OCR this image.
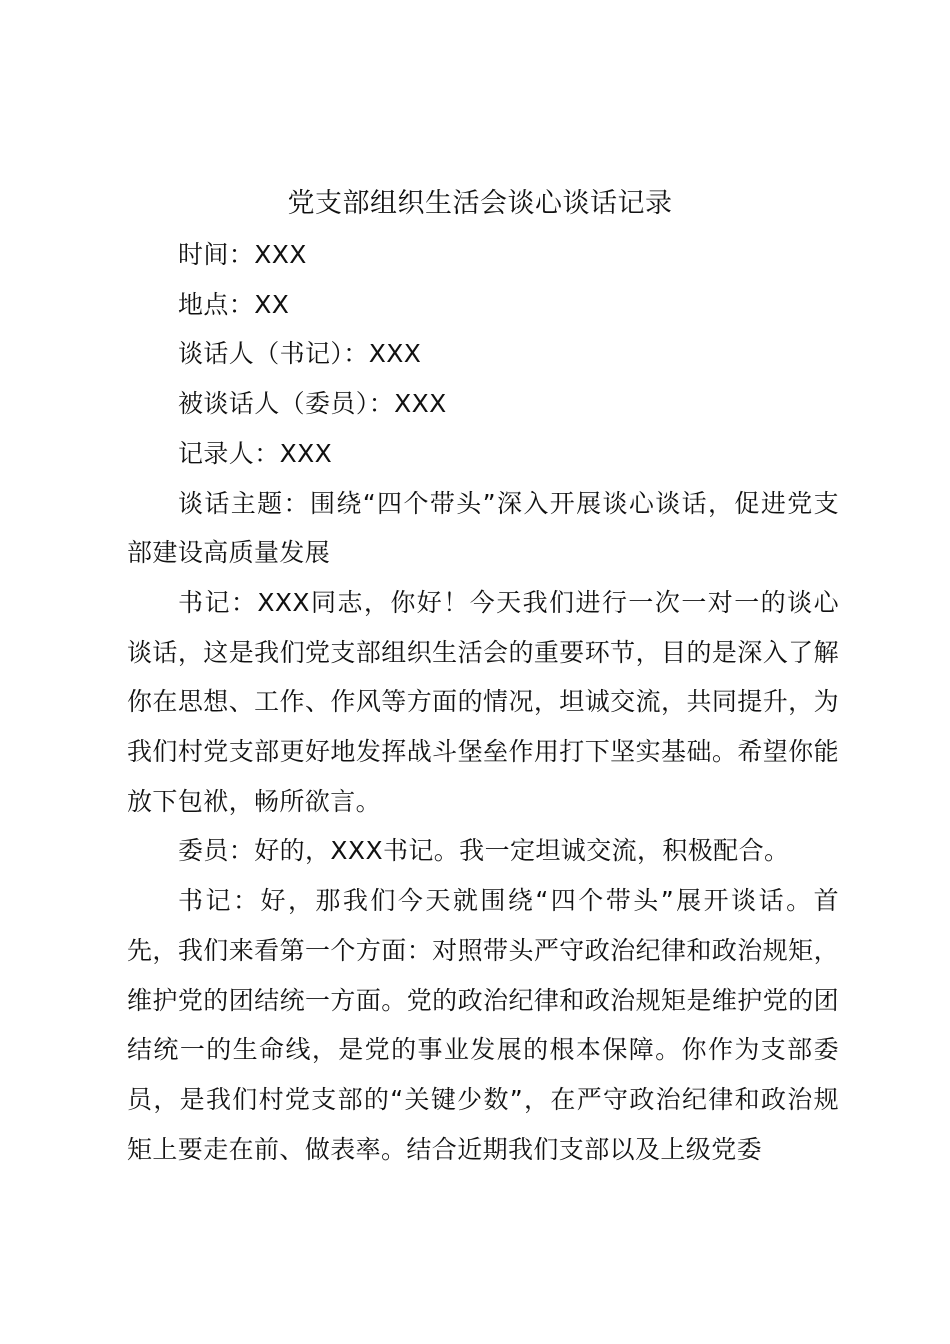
党支部组织生活会谈心谈话记录

时间：XXX

地点：XX

谈话人（书记）：XXX

被谈话人（委员）：XXX

记录人：XXX

谈话主题：围绕“四个带头”深入开展谈心谈话，促进党支部建设高质量发展

书记：XXX同志，你好！今天我们进行一次一对一的谈心谈话，这是我们党支部组织生活会的重要环节，目的是深入了解你在思想、工作、作风等方面的情况，坦诚交流，共同提升，为我们村党支部更好地发挥战斗堡垒作用打下坚实基础。希望你能放下包袱，畅所欲言。

委员：好的，XXX书记。我一定坦诚交流，积极配合。

书记：好，那我们今天就围绕“四个带头”展开谈话。首先，我们来看第一个方面：对照带头严守政治纪律和政治规矩，维护党的团结统一方面。党的政治纪律和政治规矩是维护党的团结统一的生命线，是党的事业发展的根本保障。你作为支部委员，是我们村党支部的“关键少数”，在严守政治纪律和政治规矩上要走在前、做表率。结合近期我们支部以及上级党委
